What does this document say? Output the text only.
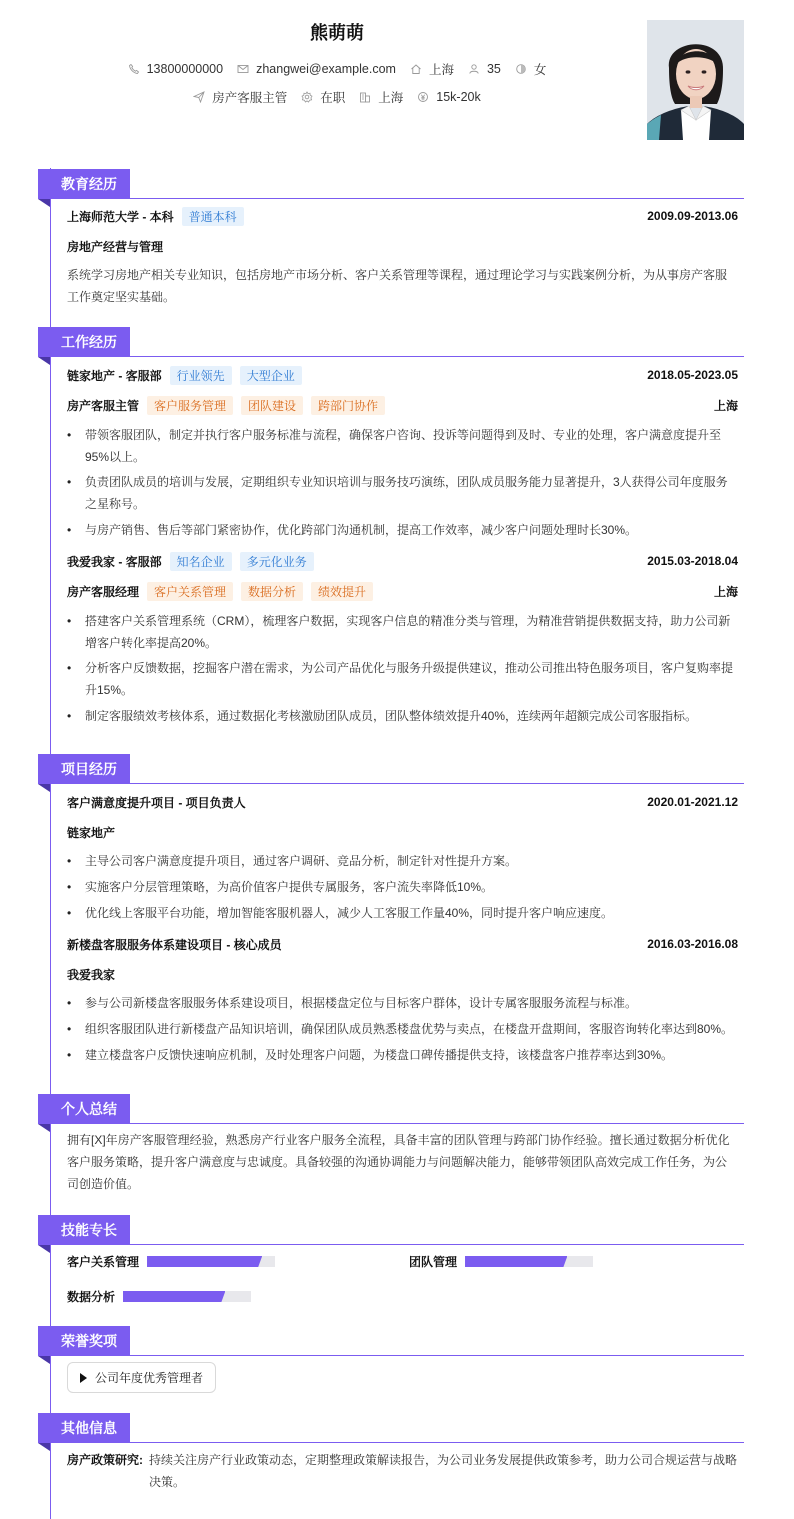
熊萌萌
13800000000	zhangwei@example.com	上海	35	女
房产客服主管	在职	上海	15k-20k
教育经历
上海师范大学 - 本科	普通本科	2009.09-2013.06
房地产经营与管理
系统学习房地产相关专业知识，包括房地产市场分析、客户关系管理等课程，通过理论学习与实践案例分析，为从事房产客服工作奠定坚实基础。
工作经历
链家地产 - 客服部	行业领先	大型企业	2018.05-2023.05
房产客服主管	客户服务管理	团队建设	跨部门协作	上海
• 带领客服团队，制定并执行客户服务标准与流程，确保客户咨询、投诉等问题得到及时、专业的处理，客户满意度提升至95%以上。
• 负责团队成员的培训与发展，定期组织专业知识培训与服务技巧演练，团队成员服务能力显著提升，3人获得公司年度服务之星称号。
• 与房产销售、售后等部门紧密协作，优化跨部门沟通机制，提高工作效率，减少客户问题处理时长30%。
我爱我家 - 客服部	知名企业	多元化业务	2015.03-2018.04
房产客服经理	客户关系管理	数据分析	绩效提升	上海
• 搭建客户关系管理系统（CRM），梳理客户数据，实现客户信息的精准分类与管理，为精准营销提供数据支持，助力公司新增客户转化率提高20%。
• 分析客户反馈数据，挖掘客户潜在需求，为公司产品优化与服务升级提供建议，推动公司推出特色服务项目，客户复购率提升15%。
• 制定客服绩效考核体系，通过数据化考核激励团队成员，团队整体绩效提升40%，连续两年超额完成公司客服指标。
项目经历
客户满意度提升项目 - 项目负责人	2020.01-2021.12
链家地产
• 主导公司客户满意度提升项目，通过客户调研、竞品分析，制定针对性提升方案。
• 实施客户分层管理策略，为高价值客户提供专属服务，客户流失率降低10%。
• 优化线上客服平台功能，增加智能客服机器人，减少人工客服工作量40%，同时提升客户响应速度。
新楼盘客服服务体系建设项目 - 核心成员	2016.03-2016.08
我爱我家
• 参与公司新楼盘客服服务体系建设项目，根据楼盘定位与目标客户群体，设计专属客服服务流程与标准。
• 组织客服团队进行新楼盘产品知识培训，确保团队成员熟悉楼盘优势与卖点，在楼盘开盘期间，客服咨询转化率达到80%。
• 建立楼盘客户反馈快速响应机制，及时处理客户问题，为楼盘口碑传播提供支持，该楼盘客户推荐率达到30%。
个人总结
拥有[X]年房产客服管理经验，熟悉房产行业客户服务全流程，具备丰富的团队管理与跨部门协作经验。擅长通过数据分析优化客户服务策略，提升客户满意度与忠诚度。具备较强的沟通协调能力与问题解决能力，能够带领团队高效完成工作任务，为公司创造价值。
技能专长
客户关系管理	团队管理
数据分析
荣誉奖项
公司年度优秀管理者
其他信息
房产政策研究: 持续关注房产行业政策动态，定期整理政策解读报告，为公司业务发展提供政策参考，助力公司合规运营与战略决策。
